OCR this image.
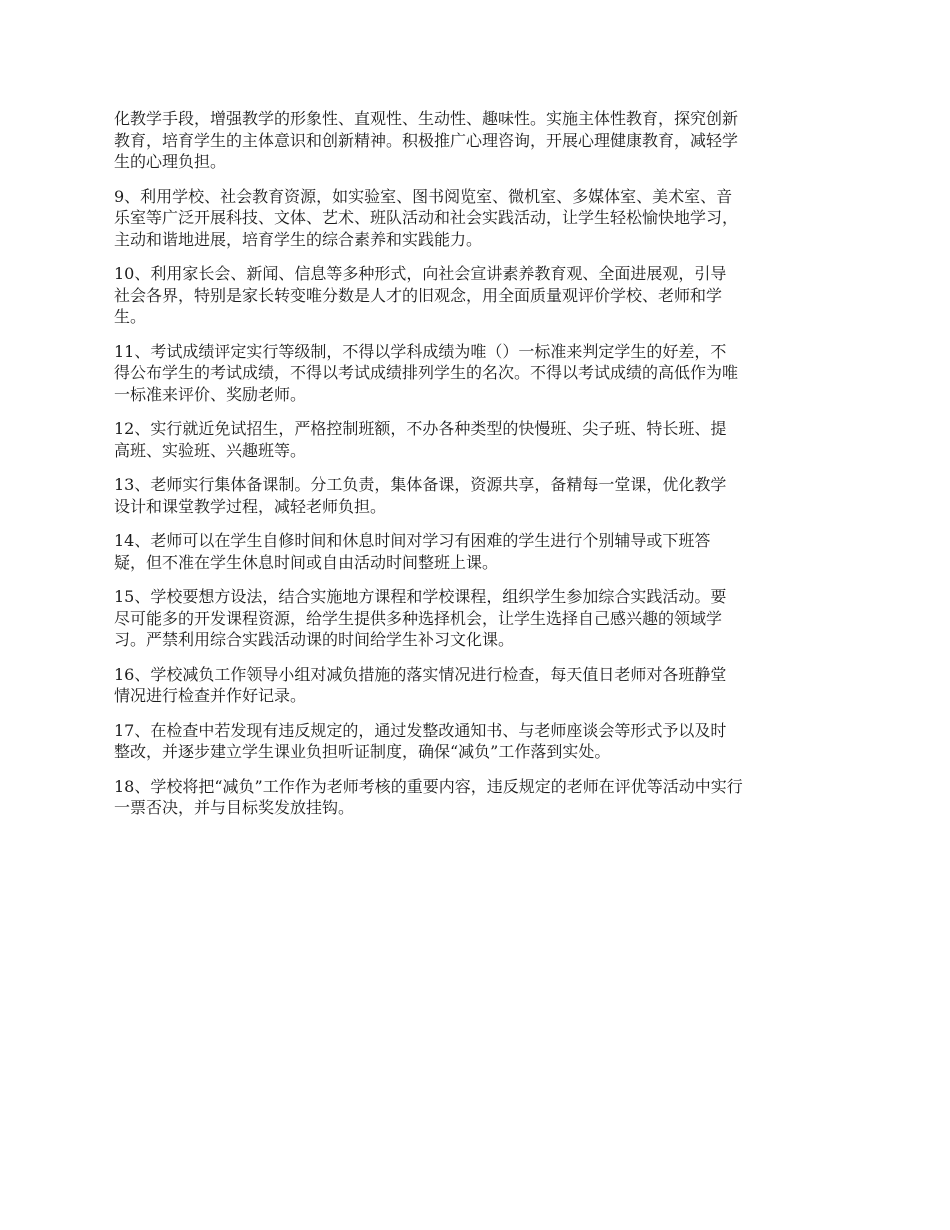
化教学手段，增强教学的形象性、直观性、生动性、趣味性。实施主体性教育，探究创新
教育，培育学生的主体意识和创新精神。积极推广心理咨询，开展心理健康教育，减轻学
生的心理负担。
9、利用学校、社会教育资源，如实验室、图书阅览室、微机室、多媒体室、美术室、音
乐室等广泛开展科技、文体、艺术、班队活动和社会实践活动，让学生轻松愉快地学习，
主动和谐地进展，培育学生的综合素养和实践能力。
10、利用家长会、新闻、信息等多种形式，向社会宣讲素养教育观、全面进展观，引导
社会各界，特别是家长转变唯分数是人才的旧观念，用全面质量观评价学校、老师和学
生。
11、考试成绩评定实行等级制，不得以学科成绩为唯（）一标准来判定学生的好差，不
得公布学生的考试成绩，不得以考试成绩排列学生的名次。不得以考试成绩的高低作为唯
一标准来评价、奖励老师。
12、实行就近免试招生，严格控制班额，不办各种类型的快慢班、尖子班、特长班、提
高班、实验班、兴趣班等。
13、老师实行集体备课制。分工负责，集体备课，资源共享，备精每一堂课，优化教学
设计和课堂教学过程，减轻老师负担。
14、老师可以在学生自修时间和休息时间对学习有困难的学生进行个别辅导或下班答
疑，但不准在学生休息时间或自由活动时间整班上课。
15、学校要想方设法，结合实施地方课程和学校课程，组织学生参加综合实践活动。要
尽可能多的开发课程资源，给学生提供多种选择机会，让学生选择自己感兴趣的领域学
习。严禁利用综合实践活动课的时间给学生补习文化课。
16、学校减负工作领导小组对减负措施的落实情况进行检查，每天值日老师对各班静堂
情况进行检查并作好记录。
17、在检查中若发现有违反规定的，通过发整改通知书、与老师座谈会等形式予以及时
整改，并逐步建立学生课业负担听证制度，确保“减负”工作落到实处。
18、学校将把“减负”工作作为老师考核的重要内容，违反规定的老师在评优等活动中实行
一票否决，并与目标奖发放挂钩。
